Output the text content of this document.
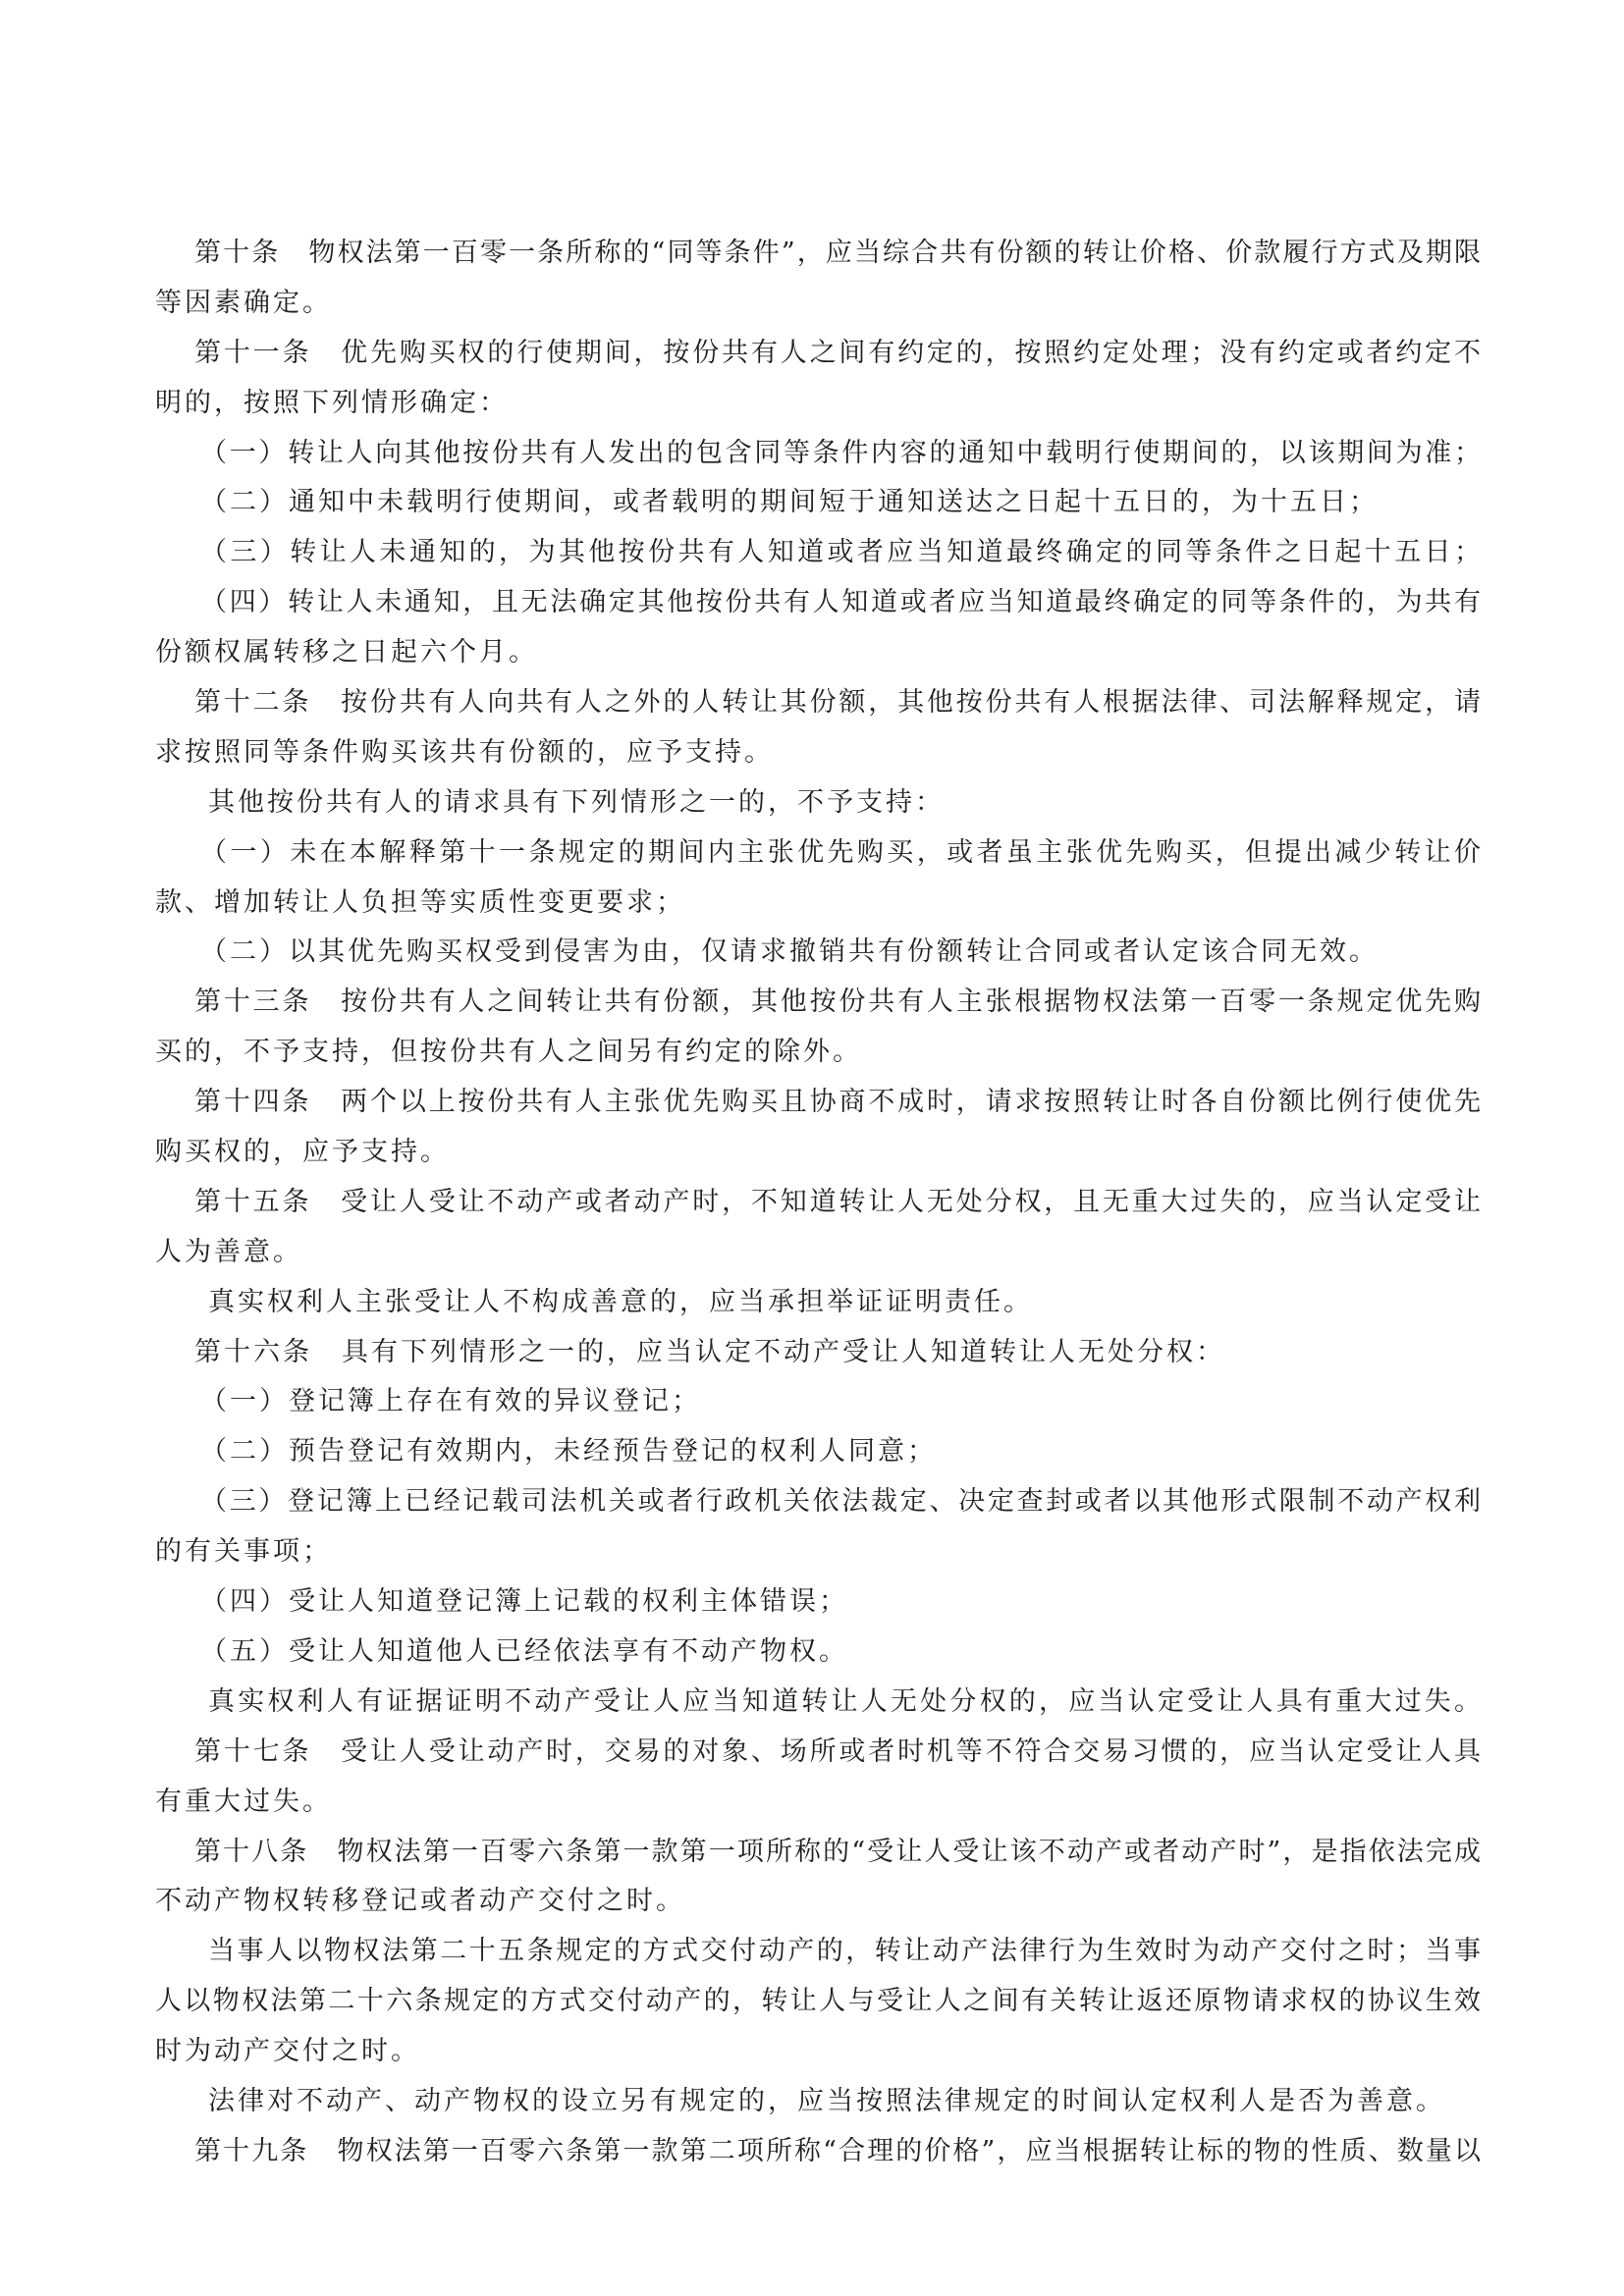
第十条　物权法第一百零一条所称的“同等条件”，应当综合共有份额的转让价格、价款履行方式及期限
等因素确定。
第十一条　优先购买权的行使期间，按份共有人之间有约定的，按照约定处理；没有约定或者约定不
明的，按照下列情形确定：
（一）转让人向其他按份共有人发出的包含同等条件内容的通知中载明行使期间的，以该期间为准；
（二）通知中未载明行使期间，或者载明的期间短于通知送达之日起十五日的，为十五日；
（三）转让人未通知的，为其他按份共有人知道或者应当知道最终确定的同等条件之日起十五日；
（四）转让人未通知，且无法确定其他按份共有人知道或者应当知道最终确定的同等条件的，为共有
份额权属转移之日起六个月。
第十二条　按份共有人向共有人之外的人转让其份额，其他按份共有人根据法律、司法解释规定，请
求按照同等条件购买该共有份额的，应予支持。
其他按份共有人的请求具有下列情形之一的，不予支持：
（一）未在本解释第十一条规定的期间内主张优先购买，或者虽主张优先购买，但提出减少转让价
款、增加转让人负担等实质性变更要求；
（二）以其优先购买权受到侵害为由，仅请求撤销共有份额转让合同或者认定该合同无效。
第十三条　按份共有人之间转让共有份额，其他按份共有人主张根据物权法第一百零一条规定优先购
买的，不予支持，但按份共有人之间另有约定的除外。
第十四条　两个以上按份共有人主张优先购买且协商不成时，请求按照转让时各自份额比例行使优先
购买权的，应予支持。
第十五条　受让人受让不动产或者动产时，不知道转让人无处分权，且无重大过失的，应当认定受让
人为善意。
真实权利人主张受让人不构成善意的，应当承担举证证明责任。
第十六条　具有下列情形之一的，应当认定不动产受让人知道转让人无处分权：
（一）登记簿上存在有效的异议登记；
（二）预告登记有效期内，未经预告登记的权利人同意；
（三）登记簿上已经记载司法机关或者行政机关依法裁定、决定查封或者以其他形式限制不动产权利
的有关事项；
（四）受让人知道登记簿上记载的权利主体错误；
（五）受让人知道他人已经依法享有不动产物权。
真实权利人有证据证明不动产受让人应当知道转让人无处分权的，应当认定受让人具有重大过失。
第十七条　受让人受让动产时，交易的对象、场所或者时机等不符合交易习惯的，应当认定受让人具
有重大过失。
第十八条　物权法第一百零六条第一款第一项所称的“受让人受让该不动产或者动产时”，是指依法完成
不动产物权转移登记或者动产交付之时。
当事人以物权法第二十五条规定的方式交付动产的，转让动产法律行为生效时为动产交付之时；当事
人以物权法第二十六条规定的方式交付动产的，转让人与受让人之间有关转让返还原物请求权的协议生效
时为动产交付之时。
法律对不动产、动产物权的设立另有规定的，应当按照法律规定的时间认定权利人是否为善意。
第十九条　物权法第一百零六条第一款第二项所称“合理的价格”，应当根据转让标的物的性质、数量以
